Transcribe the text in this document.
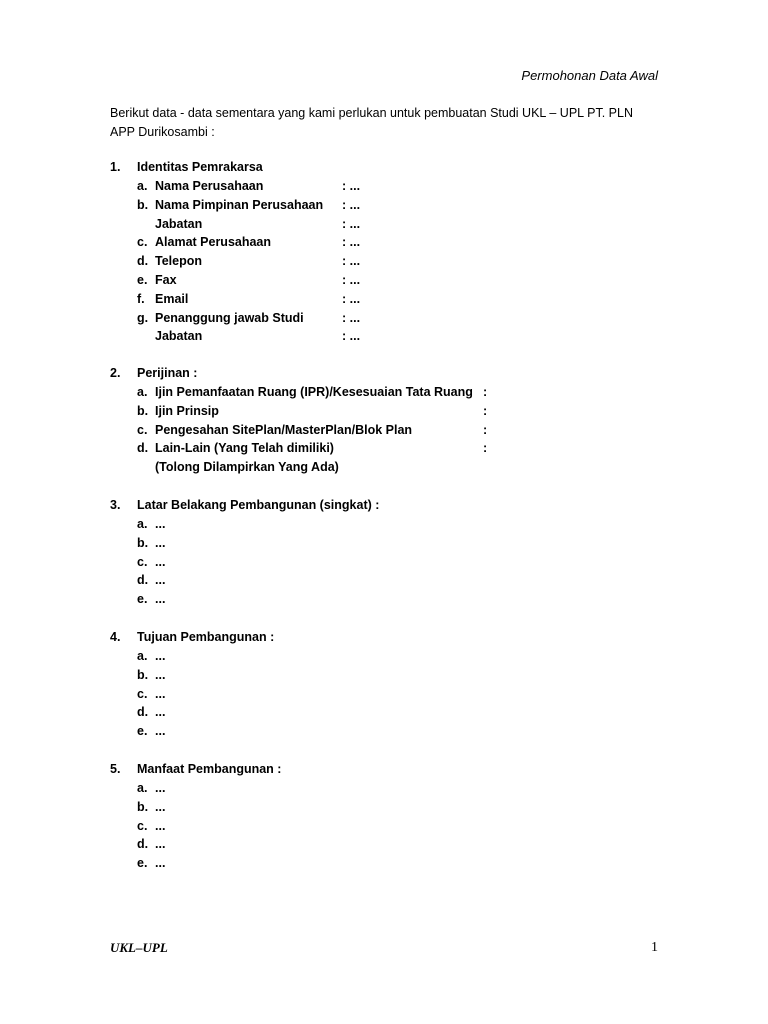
Permohonan Data Awal
Berikut data - data sementara yang kami perlukan untuk pembuatan Studi UKL – UPL PT. PLN APP Durikosambi :
1.	Identitas Pemrakarsa
a. Nama Perusahaan	: ...
b. Nama Pimpinan Perusahaan	: ...
Jabatan	: ...
c. Alamat Perusahaan	: ...
d. Telepon	: ...
e. Fax	: ...
f. Email	: ...
g. Penanggung jawab Studi	: ...
Jabatan	: ...
2.	Perijinan :
a. Ijin Pemanfaatan Ruang (IPR)/Kesesuaian Tata Ruang :
b. Ijin Prinsip	:
c. Pengesahan SitePlan/MasterPlan/Blok Plan	:
d. Lain-Lain (Yang Telah dimiliki)	:
(Tolong Dilampirkan Yang Ada)
3.	Latar Belakang Pembangunan (singkat) :
a. ...
b. ...
c. ...
d. ...
e. ...
4.	Tujuan Pembangunan :
a. ...
b. ...
c. ...
d. ...
e. ...
5.	Manfaat Pembangunan :
a. ...
b. ...
c. ...
d. ...
e. ...
UKL–UPL	1
